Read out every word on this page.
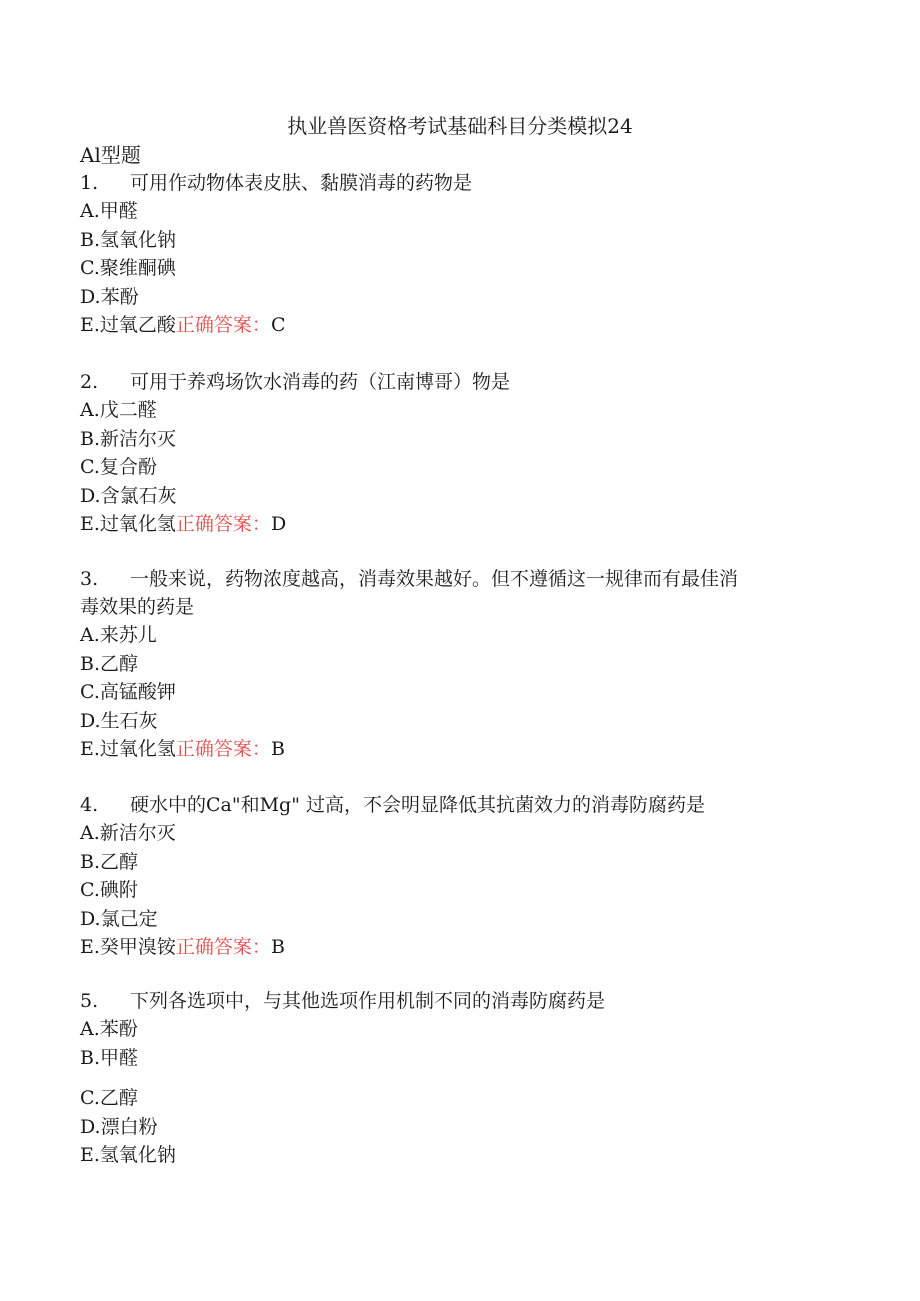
执业兽医资格考试基础科目分类模拟24
Al型题

1. 可用作动物体表皮肤、黏膜消毒的药物是

A.甲醛
B.氢氧化钠
C.聚维酮碘
D.苯酚
E.过氧乙酸正确答案：C

2. 可用于养鸡场饮水消毒的药（江南博哥）物是

A.戊二醛
B.新洁尔灭
C.复合酚
D.含氯石灰
E.过氧化氢正确答案：D

3. 一般来说，药物浓度越高，消毒效果越好。但不遵循这一规律而有最佳消

毒效果的药是
A.来苏儿
B.乙醇
C.高锰酸钾
D.生石灰
E.过氧化氢正确答案：B

4. 硬水中的Ca"和Mg" 过高，不会明显降低其抗菌效力的消毒防腐药是

A.新洁尔灭
B.乙醇
C.碘附
D.氯己定
E.癸甲溴铵正确答案：B

5. 下列各选项中，与其他选项作用机制不同的消毒防腐药是

A.苯酚
B.甲醛
C.乙醇
D.漂白粉
E.氢氧化钠
